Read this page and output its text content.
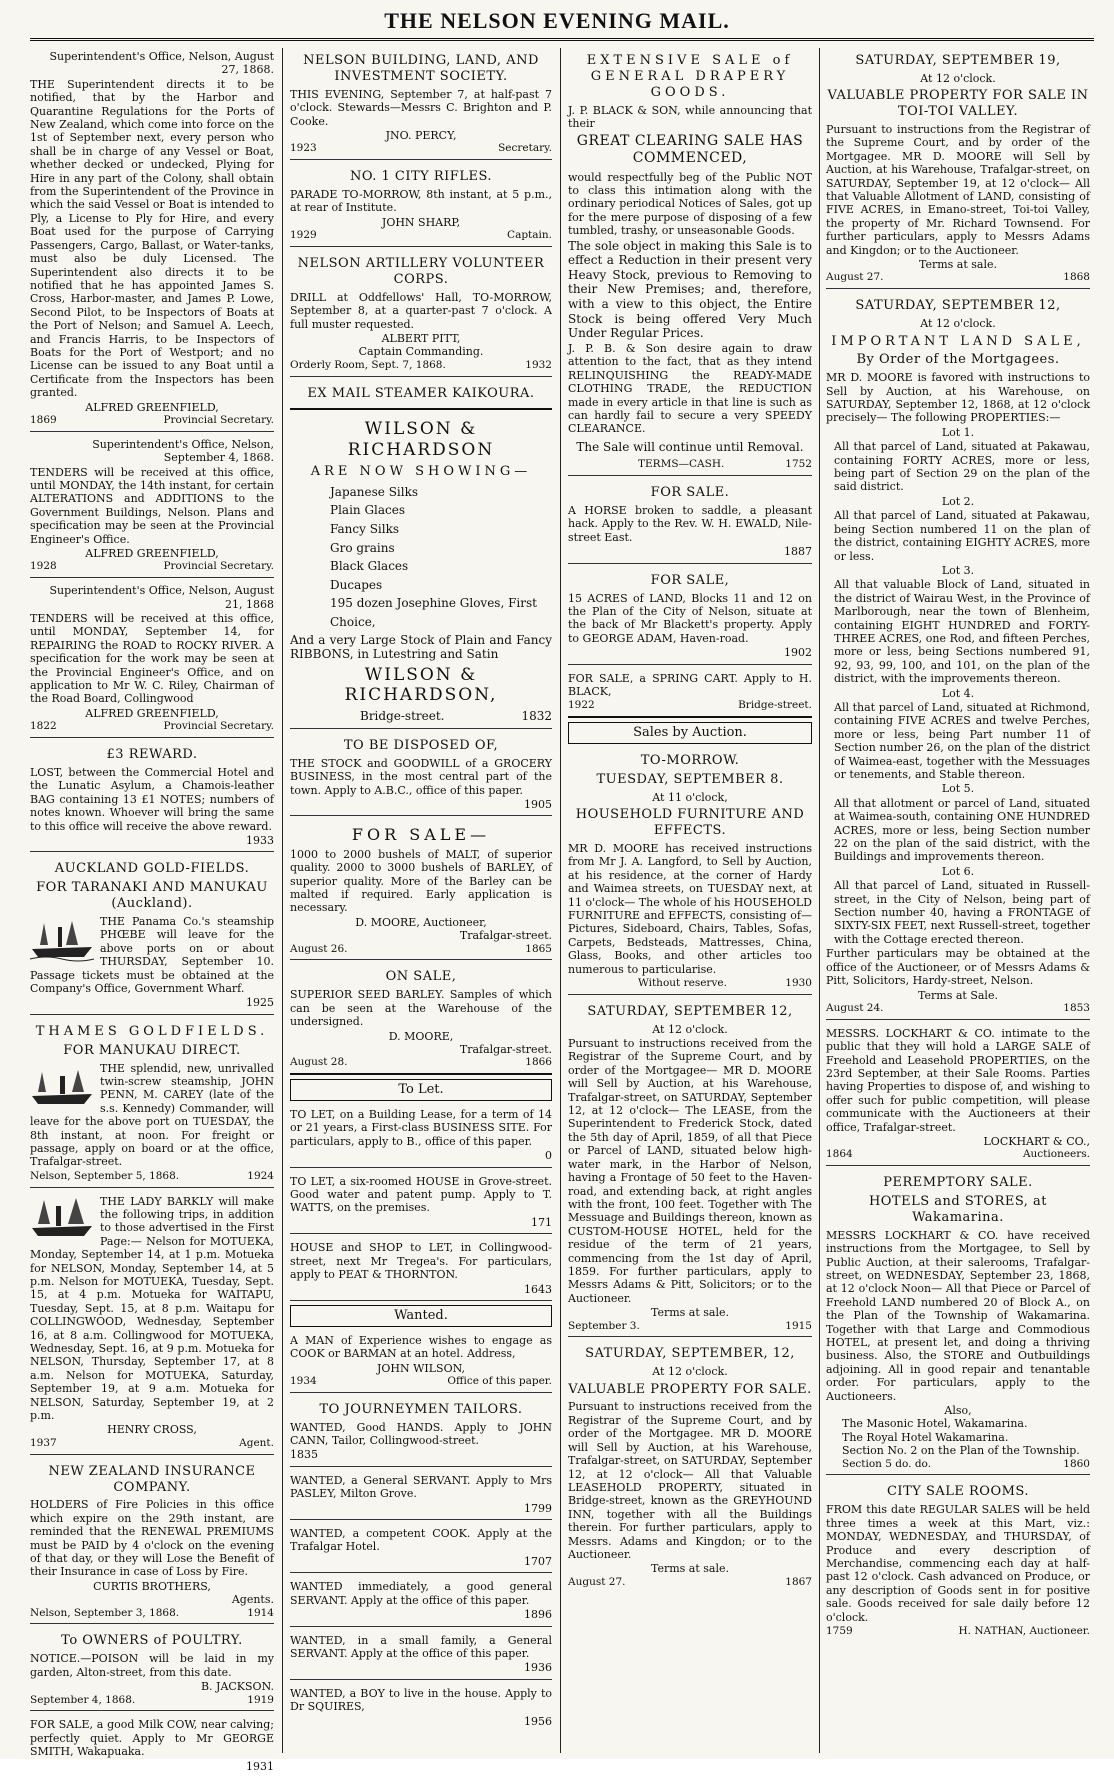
THE NELSON EVENING MAIL.
Superintendent's Office, Nelson, August 27, 1868.

THE Superintendent directs it to be notified, that by the Harbor and Quarantine Regulations for the Ports of New Zealand, which come into force on the 1st of September next, every person who shall be in charge of any Vessel or Boat, whether decked or undecked, Plying for Hire in any part of the Colony, shall obtain from the Superintendent of the Province in which the said Vessel or Boat is intended to Ply, a License to Ply for Hire, and every Boat used for the purpose of Carrying Passengers, Cargo, Ballast, or Water-tanks, must also be duly Licensed. The Superintendent also directs it to be notified that he has appointed James S. Cross, Harbor-master, and James P. Lowe, Second Pilot, to be Inspectors of Boats at the Port of Nelson; and Samuel A. Leech, and Francis Harris, to be Inspectors of Boats for the Port of Westport; and no License can be issued to any Boat until a Certificate from the Inspectors has been granted.

ALFRED GREENFIELD,
1869	Provincial Secretary.
Superintendent's Office, Nelson, September 4, 1868.

TENDERS will be received at this office, until MONDAY, the 14th instant, for certain ALTERATIONS and ADDITIONS to the Government Buildings, Nelson. Plans and specification may be seen at the Provincial Engineer's Office.

ALFRED GREENFIELD,
1928	Provincial Secretary.
Superintendent's Office, Nelson, August 21, 1868

TENDERS will be received at this office, until MONDAY, September 14, for REPAIRING the ROAD to ROCKY RIVER. A specification for the work may be seen at the Provincial Engineer's Office, and on application to Mr W. C. Riley, Chairman of the Road Board, Collingwood

ALFRED GREENFIELD,
1822	Provincial Secretary.
£3 REWARD.

LOST, between the Commercial Hotel and the Lunatic Asylum, a Chamois-leather BAG containing 13 £1 NOTES; numbers of notes known. Whoever will bring the same to this office will receive the above reward.

1933
AUCKLAND GOLD-FIELDS.
FOR TARANAKI AND MANUKAU (Auckland).

THE Panama Co.'s steamship PHŒBE will leave for the above ports on or about THURSDAY, September 10. Passage tickets must be obtained at the Company's Office, Government Wharf.

1925
THAMES GOLDFIELDS.
FOR MANUKAU DIRECT.

THE splendid, new, unrivalled twin-screw steamship, JOHN PENN, M. CAREY (late of the s.s. Kennedy) Commander, will leave for the above port on TUESDAY, the 8th instant, at noon. For freight or passage, apply on board or at the office, Trafalgar-street.

Nelson, September 5, 1868.	1924

THE LADY BARKLY will make the following trips, in addition to those advertised in the First Page:— Nelson for MOTUEKA, Monday, September 14, at 1 p.m. Motueka for NELSON, Monday, September 14, at 5 p.m. Nelson for MOTUEKA, Tuesday, Sept. 15, at 4 p.m. Motueka for WAITAPU, Tuesday, Sept. 15, at 8 p.m. Waitapu for COLLINGWOOD, Wednesday, September 16, at 8 a.m. Collingwood for MOTUEKA, Wednesday, Sept. 16, at 9 p.m. Motueka for NELSON, Thursday, September 17, at 8 a.m. Nelson for MOTUEKA, Saturday, September 19, at 9 a.m. Motueka for NELSON, Saturday, September 19, at 2 p.m.

HENRY CROSS,
1937	Agent.
NEW ZEALAND INSURANCE COMPANY.

HOLDERS of Fire Policies in this office which expire on the 29th instant, are reminded that the RENEWAL PREMIUMS must be PAID by 4 o'clock on the evening of that day, or they will Lose the Benefit of their Insurance in case of Loss by Fire.

CURTIS BROTHERS,
Agents.
Nelson, September 3, 1868.	1914
To OWNERS of POULTRY.

NOTICE.—POISON will be laid in my garden, Alton-street, from this date.

B. JACKSON.
September 4, 1868.	1919

FOR SALE, a good Milk COW, near calving; perfectly quiet. Apply to Mr GEORGE SMITH, Wakapuaka.

1931
NELSON BUILDING, LAND, AND INVESTMENT SOCIETY.

THIS EVENING, September 7, at half-past 7 o'clock. Stewards—Messrs C. Brighton and P. Cooke.

JNO. PERCY,
1923	Secretary.
NO. 1 CITY RIFLES.

PARADE TO-MORROW, 8th instant, at 5 p.m., at rear of Institute.

JOHN SHARP,
1929	Captain.
NELSON ARTILLERY VOLUNTEER CORPS.

DRILL at Oddfellows' Hall, TO-MORROW, September 8, at a quarter-past 7 o'clock. A full muster requested.

ALBERT PITT,
Captain Commanding.
Orderly Room, Sept. 7, 1868.	1932
EX MAIL STEAMER KAIKOURA.
WILSON & RICHARDSON
ARE NOW SHOWING—
Japanese Silks
Plain Glaces
Fancy Silks
Gro grains
Black Glaces
Ducapes
195 dozen Josephine Gloves, First Choice,

And a very Large Stock of Plain and Fancy RIBBONS, in Lutestring and Satin

WILSON & RICHARDSON,
Bridge-street.	1832
TO BE DISPOSED OF,

THE STOCK and GOODWILL of a GROCERY BUSINESS, in the most central part of the town. Apply to A.B.C., office of this paper.

1905
FOR SALE—

1000 to 2000 bushels of MALT, of superior quality. 2000 to 3000 bushels of BARLEY, of superior quality. More of the Barley can be malted if required. Early application is necessary.

D. MOORE, Auctioneer,
Trafalgar-street.
August 26.	1865
ON SALE,

SUPERIOR SEED BARLEY. Samples of which can be seen at the Warehouse of the undersigned.

D. MOORE,
Trafalgar-street.
August 28.	1866
To Let.

TO LET, on a Building Lease, for a term of 14 or 21 years, a First-class BUSINESS SITE. For particulars, apply to B., office of this paper.

0

TO LET, a six-roomed HOUSE in Grove-street. Good water and patent pump. Apply to T. WATTS, on the premises.

171

HOUSE and SHOP to LET, in Collingwood-street, next Mr Tregea's. For particulars, apply to PEAT & THORNTON.

1643
Wanted.

A MAN of Experience wishes to engage as COOK or BARMAN at an hotel. Address,

JOHN WILSON,
1934	Office of this paper.
TO JOURNEYMEN TAILORS.

WANTED, Good HANDS. Apply to JOHN CANN, Tailor, Collingwood-street.

1835

WANTED, a General SERVANT. Apply to Mrs PASLEY, Milton Grove.

1799

WANTED, a competent COOK. Apply at the Trafalgar Hotel.

1707

WANTED immediately, a good general SERVANT. Apply at the office of this paper.

1896

WANTED, in a small family, a General SERVANT. Apply at the office of this paper.

1936

WANTED, a BOY to live in the house. Apply to Dr SQUIRES,

1956
EXTENSIVE SALE of GENERAL DRAPERY GOODS.

J. P. BLACK & SON, while announcing that their

GREAT CLEARING SALE HAS COMMENCED,

would respectfully beg of the Public NOT to class this intimation along with the ordinary periodical Notices of Sales, got up for the mere purpose of disposing of a few tumbled, trashy, or unseasonable Goods.

The sole object in making this Sale is to effect a Reduction in their present very Heavy Stock, previous to Removing to their New Premises; and, therefore, with a view to this object, the Entire Stock is being offered Very Much Under Regular Prices.

J. P. B. & Son desire again to draw attention to the fact, that as they intend RELINQUISHING the READY-MADE CLOTHING TRADE, the REDUCTION made in every article in that line is such as can hardly fail to secure a very SPEEDY CLEARANCE.

The Sale will continue until Removal.
TERMS—CASH.	1752
FOR SALE.

A HORSE broken to saddle, a pleasant hack. Apply to the Rev. W. H. EWALD, Nile-street East.

1887
FOR SALE,

15 ACRES of LAND, Blocks 11 and 12 on the Plan of the City of Nelson, situate at the back of Mr Blackett's property. Apply to GEORGE ADAM, Haven-road.

1902

FOR SALE, a SPRING CART. Apply to H. BLACK,

1922	Bridge-street.
Sales by Auction.
TO-MORROW.
TUESDAY, SEPTEMBER 8.
At 11 o'clock,
HOUSEHOLD FURNITURE AND EFFECTS.

MR D. MOORE has received instructions from Mr J. A. Langford, to Sell by Auction, at his residence, at the corner of Hardy and Waimea streets, on TUESDAY next, at 11 o'clock— The whole of his HOUSEHOLD FURNITURE and EFFECTS, consisting of— Pictures, Sideboard, Chairs, Tables, Sofas, Carpets, Bedsteads, Mattresses, China, Glass, Books, and other articles too numerous to particularise.

Without reserve.	1930
SATURDAY, SEPTEMBER 12,
At 12 o'clock.

Pursuant to instructions received from the Registrar of the Supreme Court, and by order of the Mortgagee— MR D. MOORE will Sell by Auction, at his Warehouse, Trafalgar-street, on SATURDAY, September 12, at 12 o'clock— The LEASE, from the Superintendent to Frederick Stock, dated the 5th day of April, 1859, of all that Piece or Parcel of LAND, situated below high-water mark, in the Harbor of Nelson, having a Frontage of 50 feet to the Haven-road, and extending back, at right angles with the front, 100 feet. Together with The Messuage and Buildings thereon, known as CUSTOM-HOUSE HOTEL, held for the residue of the term of 21 years, commencing from the 1st day of April, 1859. For further particulars, apply to Messrs Adams & Pitt, Solicitors; or to the Auctioneer.

Terms at sale.
September 3.	1915
SATURDAY, SEPTEMBER, 12,
At 12 o'clock.
VALUABLE PROPERTY FOR SALE.

Pursuant to instructions received from the Registrar of the Supreme Court, and by order of the Mortgagee. MR D. MOORE will Sell by Auction, at his Warehouse, Trafalgar-street, on SATURDAY, September 12, at 12 o'clock— All that Valuable LEASEHOLD PROPERTY, situated in Bridge-street, known as the GREYHOUND INN, together with all the Buildings therein. For further particulars, apply to Messrs. Adams and Kingdon; or to the Auctioneer.

Terms at sale.
August 27.	1867
SATURDAY, SEPTEMBER 19,
At 12 o'clock.
VALUABLE PROPERTY FOR SALE IN TOI-TOI VALLEY.

Pursuant to instructions from the Registrar of the Supreme Court, and by order of the Mortgagee. MR D. MOORE will Sell by Auction, at his Warehouse, Trafalgar-street, on SATURDAY, September 19, at 12 o'clock— All that Valuable Allotment of LAND, consisting of FIVE ACRES, in Emano-street, Toi-toi Valley, the property of Mr. Richard Townsend. For further particulars, apply to Messrs Adams and Kingdon; or to the Auctioneer.

Terms at sale.
August 27.	1868
SATURDAY, SEPTEMBER 12,
At 12 o'clock.
IMPORTANT LAND SALE,
By Order of the Mortgagees.

MR D. MOORE is favored with instructions to Sell by Auction, at his Warehouse, on SATURDAY, September 12, 1868, at 12 o'clock precisely— The following PROPERTIES:—

Lot 1.

All that parcel of Land, situated at Pakawau, containing FORTY ACRES, more or less, being part of Section 29 on the plan of the said district.

Lot 2.

All that parcel of Land, situated at Pakawau, being Section numbered 11 on the plan of the district, containing EIGHTY ACRES, more or less.

Lot 3.

All that valuable Block of Land, situated in the district of Wairau West, in the Province of Marlborough, near the town of Blenheim, containing EIGHT HUNDRED and FORTY-THREE ACRES, one Rod, and fifteen Perches, more or less, being Sections numbered 91, 92, 93, 99, 100, and 101, on the plan of the district, with the improvements thereon.

Lot 4.

All that parcel of Land, situated at Richmond, containing FIVE ACRES and twelve Perches, more or less, being Part number 11 of Section number 26, on the plan of the district of Waimea-east, together with the Messuages or tenements, and Stable thereon.

Lot 5.

All that allotment or parcel of Land, situated at Waimea-south, containing ONE HUNDRED ACRES, more or less, being Section number 22 on the plan of the said district, with the Buildings and improvements thereon.

Lot 6.

All that parcel of Land, situated in Russell-street, in the City of Nelson, being part of Section number 40, having a FRONTAGE of SIXTY-SIX FEET, next Russell-street, together with the Cottage erected thereon.

Further particulars may be obtained at the office of the Auctioneer, or of Messrs Adams & Pitt, Solicitors, Hardy-street, Nelson.

Terms at Sale.
August 24.	1853

MESSRS. LOCKHART & CO. intimate to the public that they will hold a LARGE SALE of Freehold and Leasehold PROPERTIES, on the 23rd September, at their Sale Rooms. Parties having Properties to dispose of, and wishing to offer such for public competition, will please communicate with the Auctioneers at their office, Trafalgar-street.

LOCKHART & CO.,
1864	Auctioneers.
PEREMPTORY SALE.
HOTELS and STORES, at Wakamarina.

MESSRS LOCKHART & CO. have received instructions from the Mortgagee, to Sell by Public Auction, at their salerooms, Trafalgar-street, on WEDNESDAY, September 23, 1868, at 12 o'clock Noon— All that Piece or Parcel of Freehold LAND numbered 20 of Block A., on the Plan of the Township of Wakamarina. Together with that Large and Commodious HOTEL, at present let, and doing a thriving business. Also, the STORE and Outbuildings adjoining. All in good repair and tenantable order. For particulars, apply to the Auctioneers.

Also,
The Masonic Hotel, Wakamarina.
The Royal Hotel Wakamarina.
Section No. 2 on the Plan of the Township.
Section 5 do. do.	1860
CITY SALE ROOMS.

FROM this date REGULAR SALES will be held three times a week at this Mart, viz.: MONDAY, WEDNESDAY, and THURSDAY, of Produce and every description of Merchandise, commencing each day at half-past 12 o'clock. Cash advanced on Produce, or any description of Goods sent in for positive sale. Goods received for sale daily before 12 o'clock.

1759	H. NATHAN, Auctioneer.
